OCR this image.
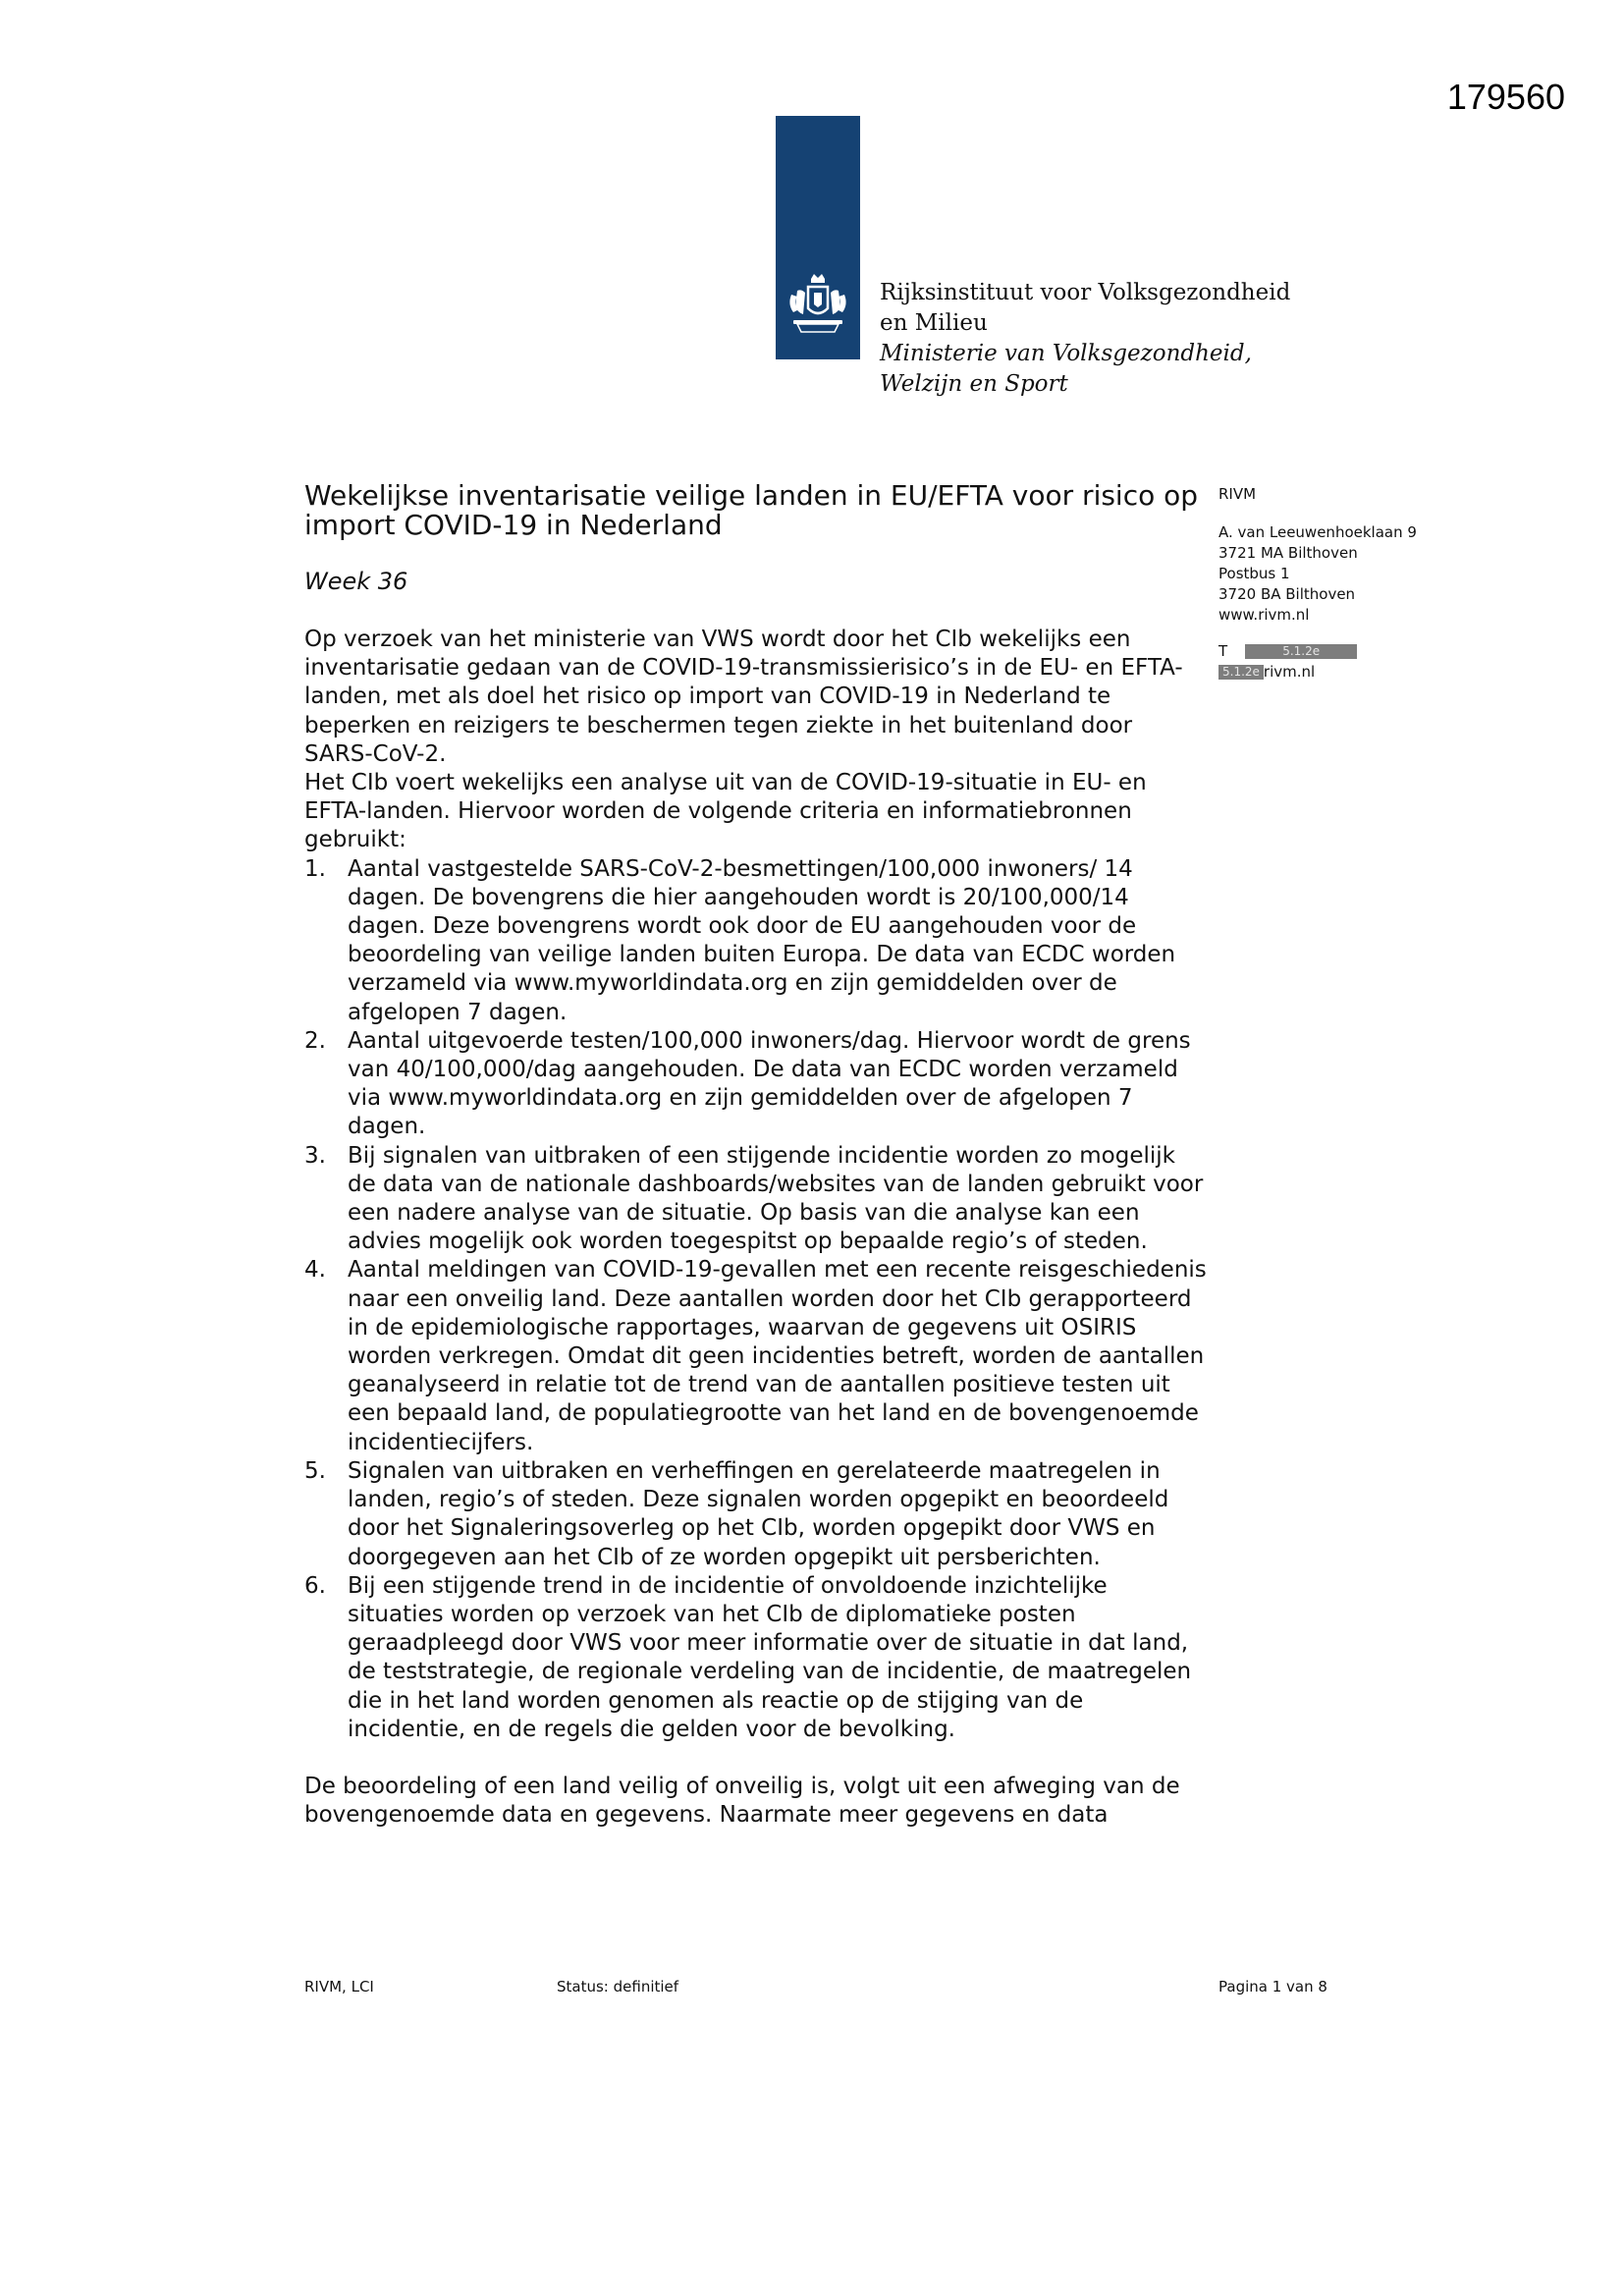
179560
Rijksinstituut voor Volksgezondheid
en Milieu
Ministerie van Volksgezondheid,
Welzijn en Sport
Wekelijkse inventarisatie veilige landen in EU/EFTA voor risico op import COVID-19 in Nederland
Week 36
RIVM
A. van Leeuwenhoeklaan 9
3721 MA Bilthoven
Postbus 1
3720 BA Bilthoven
www.rivm.nl
T	5.1.2e
5.1.2e rivm.nl

Op verzoek van het ministerie van VWS wordt door het CIb wekelijks een inventarisatie gedaan van de COVID-19-transmissierisico’s in de EU- en EFTA-landen, met als doel het risico op import van COVID-19 in Nederland te beperken en reizigers te beschermen tegen ziekte in het buitenland door SARS-CoV-2.

Het CIb voert wekelijks een analyse uit van de COVID-19-situatie in EU- en EFTA-landen. Hiervoor worden de volgende criteria en informatiebronnen gebruikt:

1. Aantal vastgestelde SARS-CoV-2-besmettingen/100,000 inwoners/ 14 dagen. De bovengrens die hier aangehouden wordt is 20/100,000/14 dagen. Deze bovengrens wordt ook door de EU aangehouden voor de beoordeling van veilige landen buiten Europa. De data van ECDC worden verzameld via www.myworldindata.org en zijn gemiddelden over de afgelopen 7 dagen.
2. Aantal uitgevoerde testen/100,000 inwoners/dag. Hiervoor wordt de grens van 40/100,000/dag aangehouden. De data van ECDC worden verzameld via www.myworldindata.org en zijn gemiddelden over de afgelopen 7 dagen.
3. Bij signalen van uitbraken of een stijgende incidentie worden zo mogelijk de data van de nationale dashboards/websites van de landen gebruikt voor een nadere analyse van de situatie. Op basis van die analyse kan een advies mogelijk ook worden toegespitst op bepaalde regio’s of steden.
4. Aantal meldingen van COVID-19-gevallen met een recente reisgeschiedenis naar een onveilig land. Deze aantallen worden door het CIb gerapporteerd in de epidemiologische rapportages, waarvan de gegevens uit OSIRIS worden verkregen. Omdat dit geen incidenties betreft, worden de aantallen geanalyseerd in relatie tot de trend van de aantallen positieve testen uit een bepaald land, de populatiegrootte van het land en de bovengenoemde incidentiecijfers.
5. Signalen van uitbraken en verheffingen en gerelateerde maatregelen in landen, regio’s of steden. Deze signalen worden opgepikt en beoordeeld door het Signaleringsoverleg op het CIb, worden opgepikt door VWS en doorgegeven aan het CIb of ze worden opgepikt uit persberichten.
6. Bij een stijgende trend in de incidentie of onvoldoende inzichtelijke situaties worden op verzoek van het CIb de diplomatieke posten geraadpleegd door VWS voor meer informatie over de situatie in dat land, de teststrategie, de regionale verdeling van de incidentie, de maatregelen die in het land worden genomen als reactie op de stijging van de incidentie, en de regels die gelden voor de bevolking.

De beoordeling of een land veilig of onveilig is, volgt uit een afweging van de bovengenoemde data en gegevens. Naarmate meer gegevens en data

RIVM, LCI	Status: definitief	Pagina 1 van 8
